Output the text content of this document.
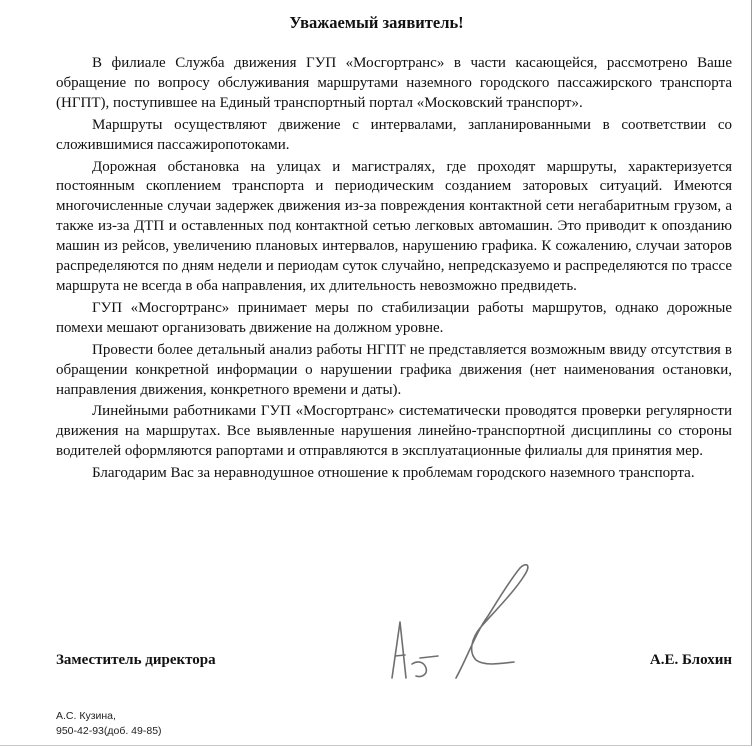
Уважаемый заявитель!

В филиале Служба движения ГУП «Мосгортранс» в части касающейся, рассмотрено Ваше обращение по вопросу обслуживания маршрутами наземного городского пассажирского транспорта (НГПТ), поступившее на Единый транспортный портал «Московский транспорт».

Маршруты осуществляют движение с интервалами, запланированными в соответствии со сложившимися пассажиропотоками.

Дорожная обстановка на улицах и магистралях, где проходят маршруты, характеризуется постоянным скоплением транспорта и периодическим созданием заторовых ситуаций. Имеются многочисленные случаи задержек движения из-за повреждения контактной сети негабаритным грузом, а также из-за ДТП и оставленных под контактной сетью легковых автомашин. Это приводит к опозданию машин из рейсов, увеличению плановых интервалов, нарушению графика. К сожалению, случаи заторов распределяются по дням недели и периодам суток случайно, непредсказуемо и распределяются по трассе маршрута не всегда в оба направления, их длительность невозможно предвидеть.

ГУП «Мосгортранс» принимает меры по стабилизации работы маршрутов, однако дорожные помехи мешают организовать движение на должном уровне.

Провести более детальный анализ работы НГПТ не представляется возможным ввиду отсутствия в обращении конкретной информации о нарушении графика движения (нет наименования остановки, направления движения, конкретного времени и даты).

Линейными работниками ГУП «Мосгортранс» систематически проводятся проверки регулярности движения на маршрутах. Все выявленные нарушения линейно-транспортной дисциплины со стороны водителей оформляются рапортами и отправляются в эксплуатационные филиалы для принятия мер.

Благодарим Вас за неравнодушное отношение к проблемам городского наземного транспорта.

Заместитель директора	А.Е. Блохин
А.С. Кузина,
950-42-93(доб. 49-85)
